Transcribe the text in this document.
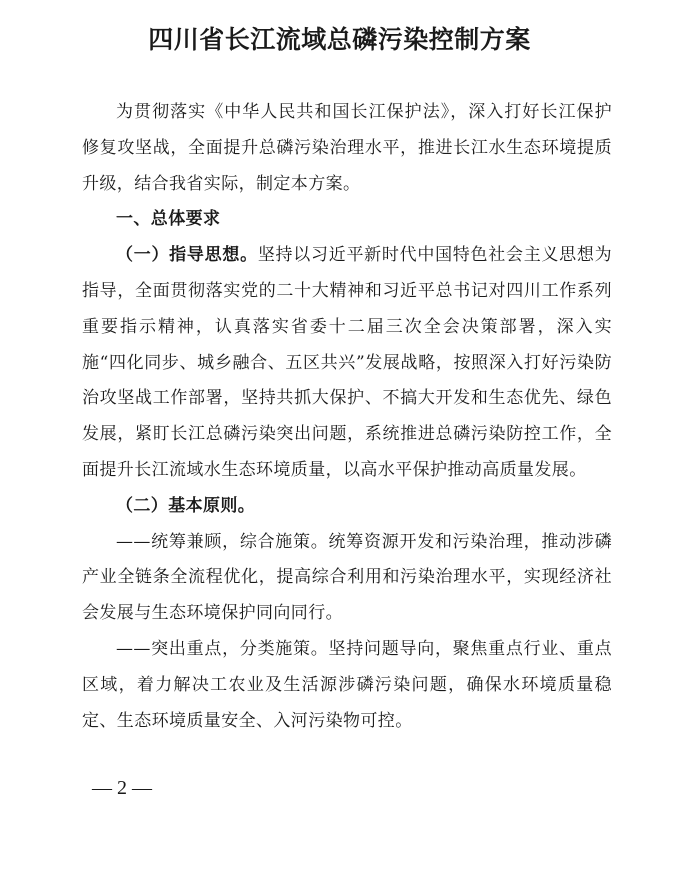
四川省长江流域总磷污染控制方案

为贯彻落实《中华人民共和国长江保护法》，深入打好长江保护修复攻坚战，全面提升总磷污染治理水平，推进长江水生态环境提质升级，结合我省实际，制定本方案。

一、总体要求

（一）指导思想。坚持以习近平新时代中国特色社会主义思想为指导，全面贯彻落实党的二十大精神和习近平总书记对四川工作系列重要指示精神，认真落实省委十二届三次全会决策部署，深入实施“四化同步、城乡融合、五区共兴”发展战略，按照深入打好污染防治攻坚战工作部署，坚持共抓大保护、不搞大开发和生态优先、绿色发展，紧盯长江总磷污染突出问题，系统推进总磷污染防控工作，全面提升长江流域水生态环境质量，以高水平保护推动高质量发展。

（二）基本原则。

——统筹兼顾，综合施策。统筹资源开发和污染治理，推动涉磷产业全链条全流程优化，提高综合利用和污染治理水平，实现经济社会发展与生态环境保护同向同行。

——突出重点，分类施策。坚持问题导向，聚焦重点行业、重点区域，着力解决工农业及生活源涉磷污染问题，确保水环境质量稳定、生态环境质量安全、入河污染物可控。

— 2 —
